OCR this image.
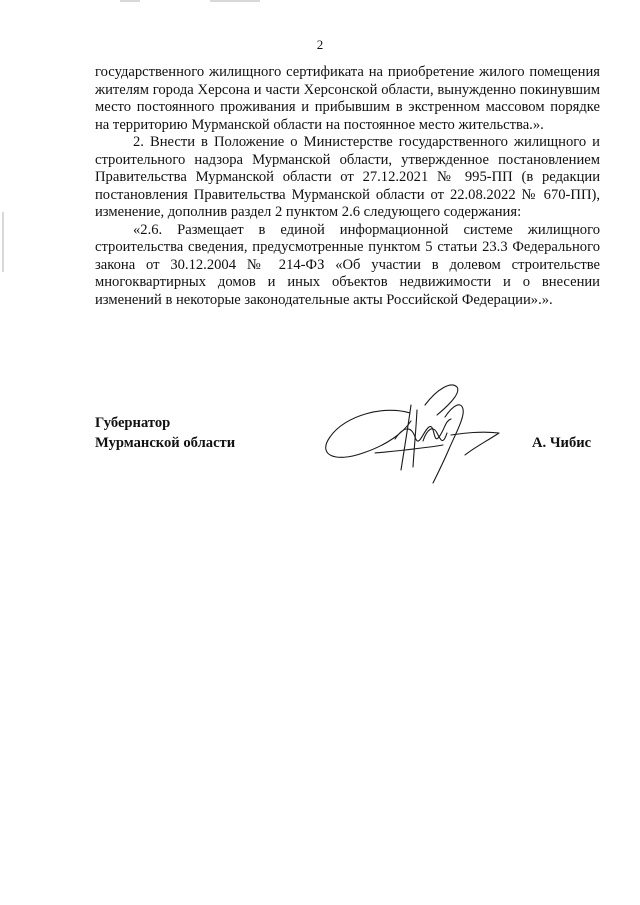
2

государственного жилищного сертификата на приобретение жилого помещения жителям города Херсона и части Херсонской области, вынужденно покинувшим место постоянного проживания и прибывшим в экстренном массовом порядке на территорию Мурманской области на постоянное место жительства.».

2. Внести в Положение о Министерстве государственного жилищного и строительного надзора Мурманской области, утвержденное постановлением Правительства Мурманской области от 27.12.2021 № 995-ПП (в редакции постановления Правительства Мурманской области от 22.08.2022 № 670-ПП), изменение, дополнив раздел 2 пунктом 2.6 следующего содержания:

«2.6. Размещает в единой информационной системе жилищного строительства сведения, предусмотренные пунктом 5 статьи 23.3 Федерального закона от 30.12.2004 № 214-ФЗ «Об участии в долевом строительстве многоквартирных домов и иных объектов недвижимости и о внесении изменений в некоторые законодательные акты Российской Федерации».».

Губернатор
Мурманской области	А. Чибис
